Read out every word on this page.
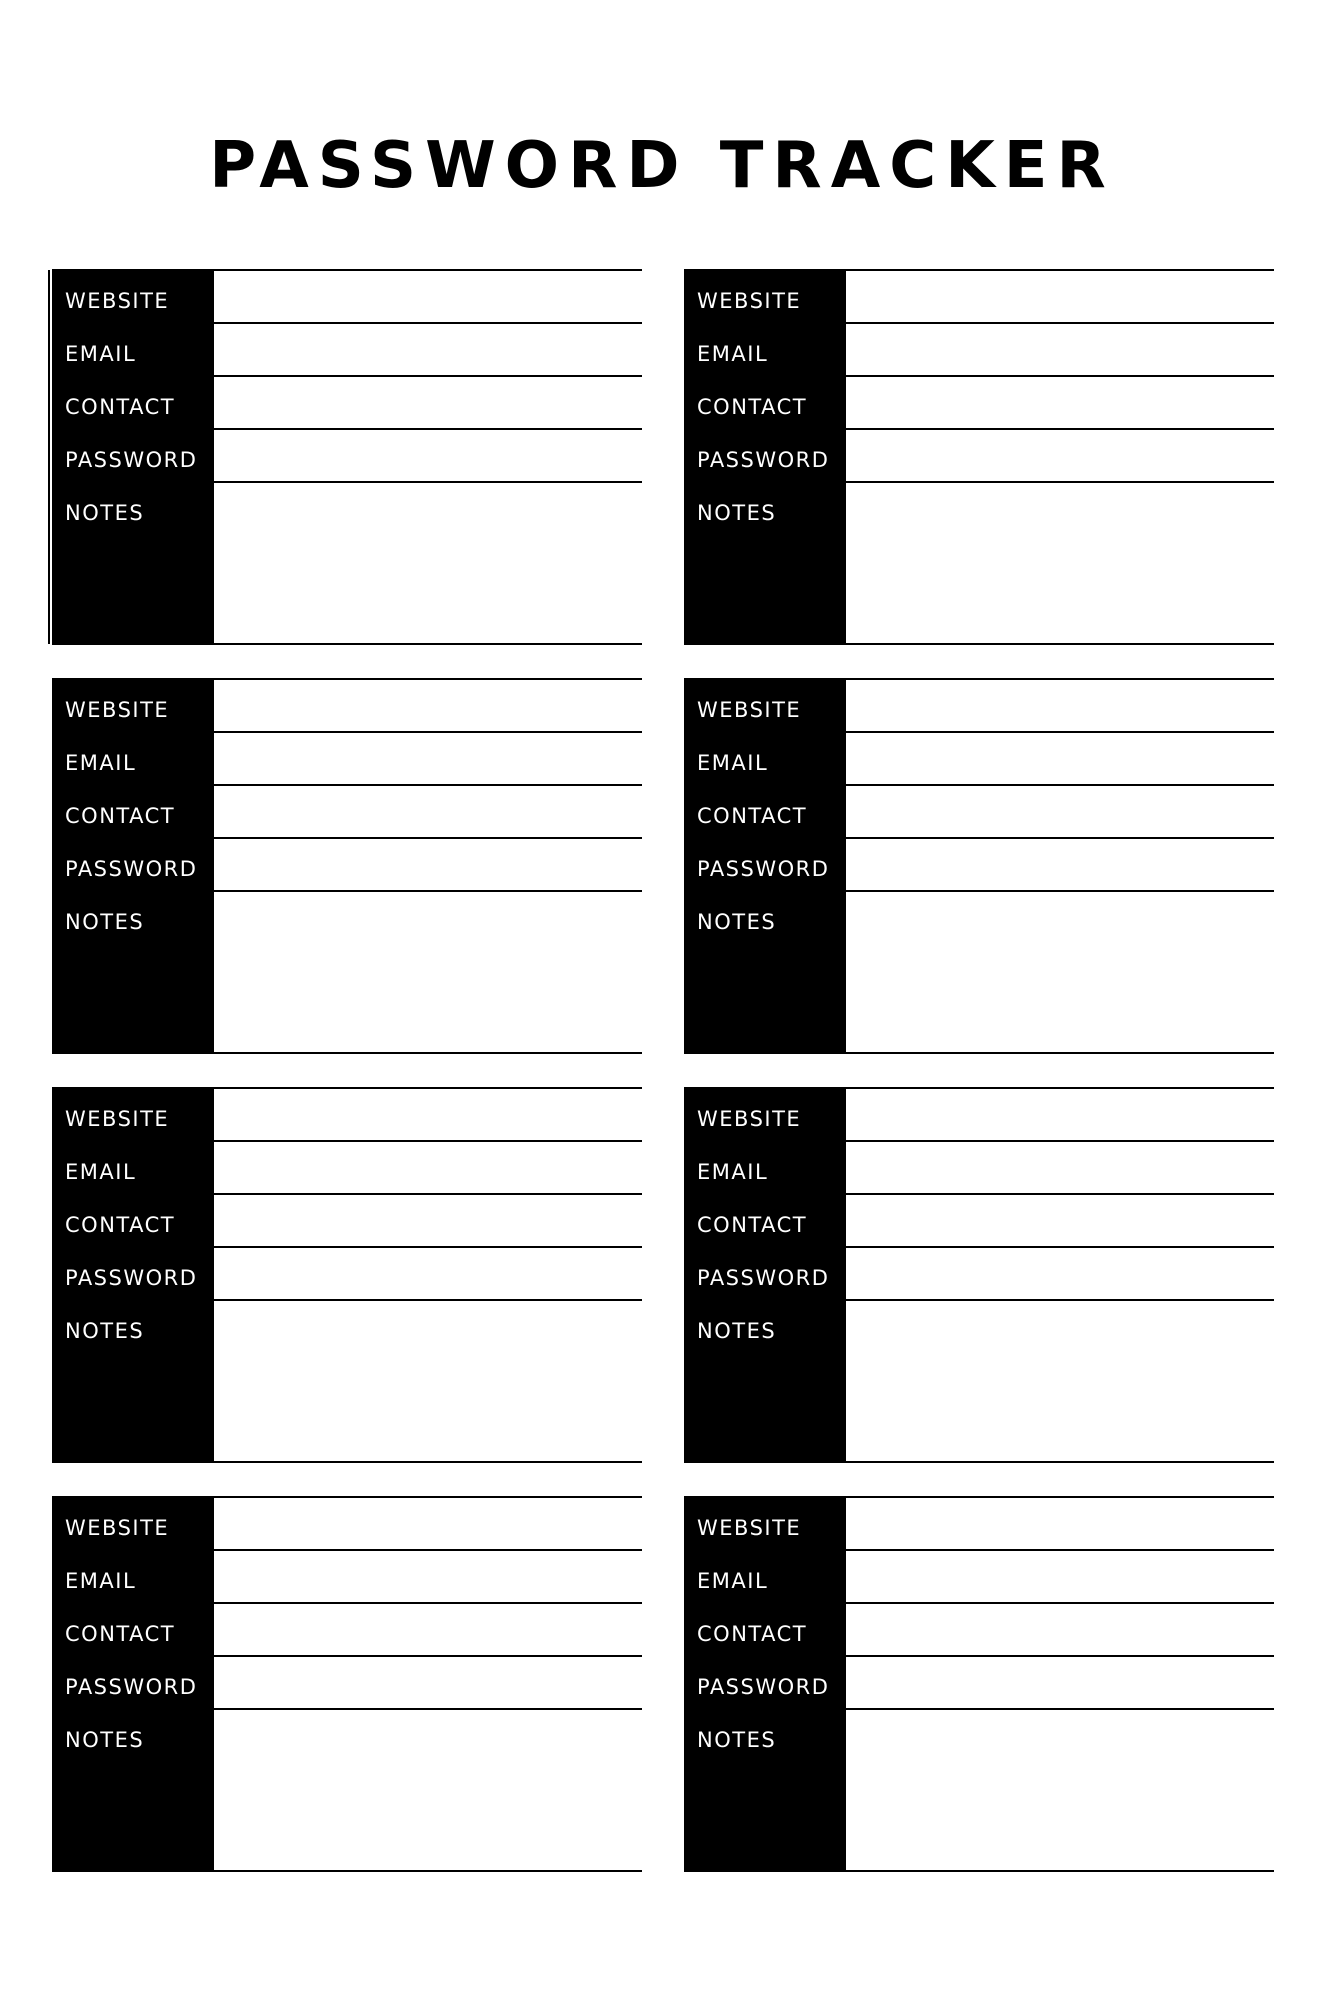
PASSWORD TRACKER
WEBSITE
EMAIL
CONTACT
PASSWORD
NOTES
WEBSITE
EMAIL
CONTACT
PASSWORD
NOTES
WEBSITE
EMAIL
CONTACT
PASSWORD
NOTES
WEBSITE
EMAIL
CONTACT
PASSWORD
NOTES
WEBSITE
EMAIL
CONTACT
PASSWORD
NOTES
WEBSITE
EMAIL
CONTACT
PASSWORD
NOTES
WEBSITE
EMAIL
CONTACT
PASSWORD
NOTES
WEBSITE
EMAIL
CONTACT
PASSWORD
NOTES
